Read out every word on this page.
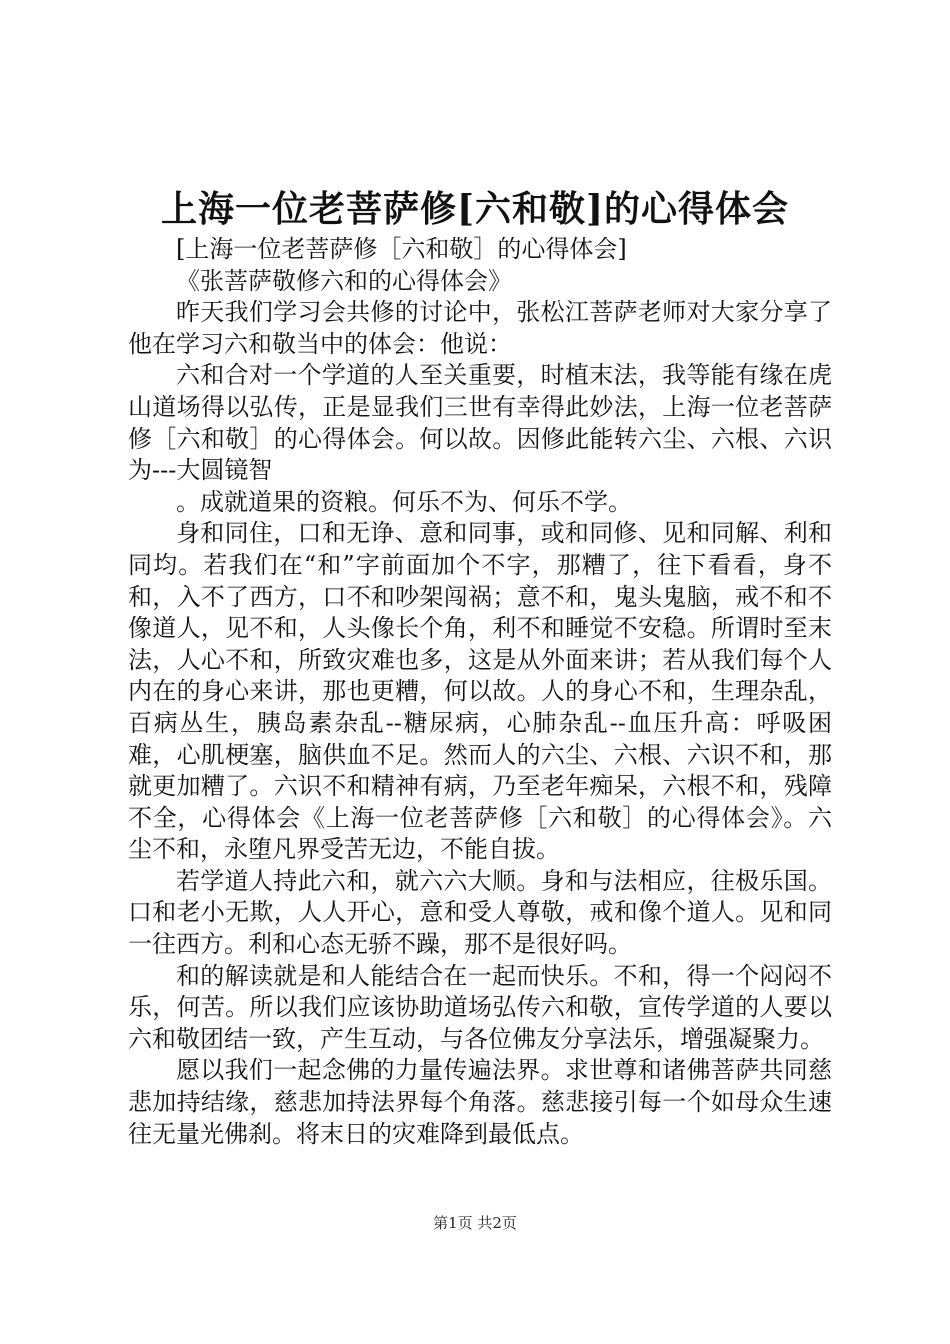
上海一位老菩萨修[六和敬]的心得体会

[上海一位老菩萨修［六和敬］的心得体会]

《张菩萨敬修六和的心得体会》

昨天我们学习会共修的讨论中，张松江菩萨老师对大家分享了他在学习六和敬当中的体会：他说：

六和合对一个学道的人至关重要，时植末法，我等能有缘在虎山道场得以弘传，正是显我们三世有幸得此妙法，上海一位老菩萨修［六和敬］的心得体会。何以故。因修此能转六尘、六根、六识为---大圆镜智

。成就道果的资粮。何乐不为、何乐不学。

身和同住，口和无诤、意和同事，或和同修、见和同解、利和同均。若我们在“和”字前面加个不字，那糟了，往下看看，身不和，入不了西方，口不和吵架闯祸；意不和，鬼头鬼脑，戒不和不像道人，见不和，人头像长个角，利不和睡觉不安稳。所谓时至末法，人心不和，所致灾难也多，这是从外面来讲；若从我们每个人内在的身心来讲，那也更糟，何以故。人的身心不和，生理杂乱，百病丛生，胰岛素杂乱--糖尿病，心肺杂乱--血压升高：呼吸困难，心肌梗塞，脑供血不足。然而人的六尘、六根、六识不和，那就更加糟了。六识不和精神有病，乃至老年痴呆，六根不和，残障不全，心得体会《上海一位老菩萨修［六和敬］的心得体会》。六尘不和，永堕凡界受苦无边，不能自拔。

若学道人持此六和，就六六大顺。身和与法相应，往极乐国。口和老小无欺，人人开心，意和受人尊敬，戒和像个道人。见和同一往西方。利和心态无骄不躁，那不是很好吗。

和的解读就是和人能结合在一起而快乐。不和，得一个闷闷不乐，何苦。所以我们应该协助道场弘传六和敬，宣传学道的人要以六和敬团结一致，产生互动，与各位佛友分享法乐，增强凝聚力。

愿以我们一起念佛的力量传遍法界。求世尊和诸佛菩萨共同慈悲加持结缘，慈悲加持法界每个角落。慈悲接引每一个如母众生速往无量光佛刹。将末日的灾难降到最低点。

第1页 共2页
